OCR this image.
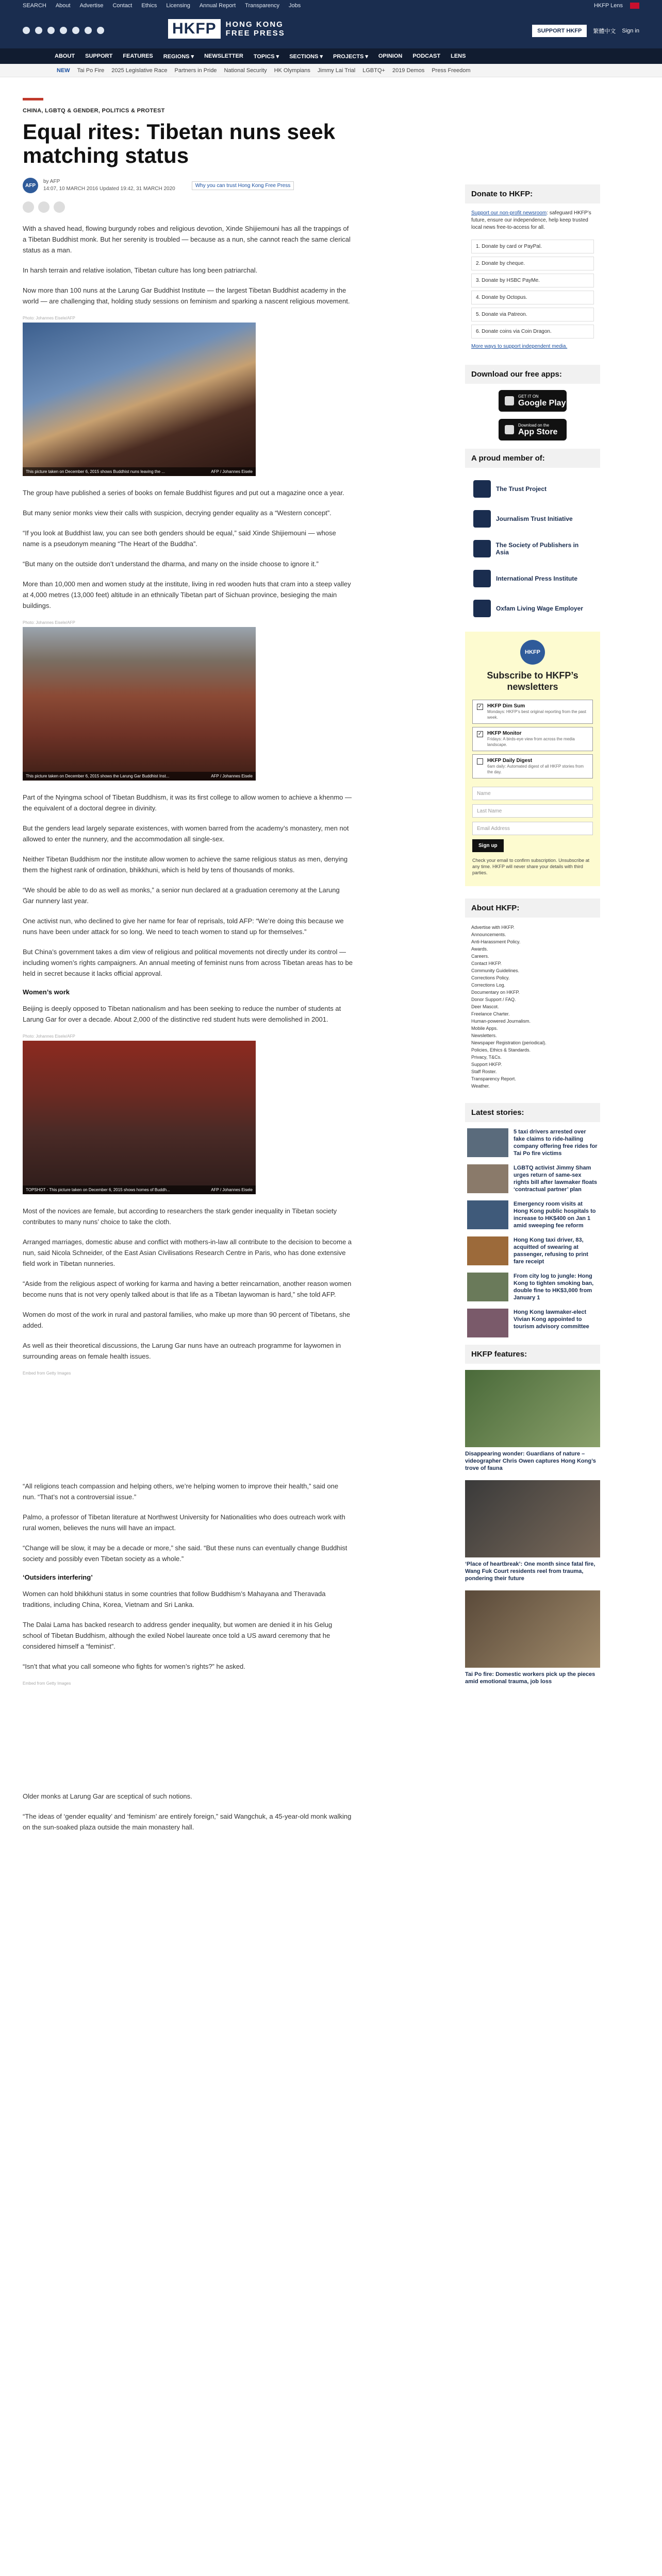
SEARCH About Advertise Contact Ethics Licensing Annual Report Transparency Jobs	HKFP Lens
HKFP	HONG KONG
FREE PRESS	SUPPORT HKFP	繁體中文 Sign in
ABOUT SUPPORT FEATURES REGIONS ▾ NEWSLETTER TOPICS ▾ SECTIONS ▾ PROJECTS ▾ OPINION PODCAST LENS
NEW Tai Po Fire 2025 Legislative Race Partners in Pride National Security HK Olympians Jimmy Lai Trial LGBTQ+ 2019 Demos Press Freedom
CHINA, LGBTQ & GENDER, POLITICS & PROTEST
Equal rites: Tibetan nuns seek matching status
AFP
by AFP
14:07, 10 MARCH 2016 Updated 19:42, 31 MARCH 2020
Why you can trust Hong Kong Free Press

With a shaved head, flowing burgundy robes and religious devotion, Xinde Shijiemouni has all the trappings of a Tibetan Buddhist monk. But her serenity is troubled — because as a nun, she cannot reach the same clerical status as a man.

In harsh terrain and relative isolation, Tibetan culture has long been patriarchal.

Now more than 100 nuns at the Larung Gar Buddhist Institute — the largest Tibetan Buddhist academy in the world — are challenging that, holding study sessions on feminism and sparking a nascent religious movement.

Photo: Johannes Eisele/AFP
This picture taken on December 6, 2015 shows Buddhist nuns leaving the ...	AFP / Johannes Eisele

The group have published a series of books on female Buddhist figures and put out a magazine once a year.

But many senior monks view their calls with suspicion, decrying gender equality as a “Western concept”.

“If you look at Buddhist law, you can see both genders should be equal,” said Xinde Shijiemouni — whose name is a pseudonym meaning “The Heart of the Buddha”.

“But many on the outside don’t understand the dharma, and many on the inside choose to ignore it.”

More than 10,000 men and women study at the institute, living in red wooden huts that cram into a steep valley at 4,000 metres (13,000 feet) altitude in an ethnically Tibetan part of Sichuan province, besieging the main buildings.

Photo: Johannes Eisele/AFP
This picture taken on December 6, 2015 shows the Larung Gar Buddhist Inst...	AFP / Johannes Eisele

Part of the Nyingma school of Tibetan Buddhism, it was its first college to allow women to achieve a khenmo — the equivalent of a doctoral degree in divinity.

But the genders lead largely separate existences, with women barred from the academy’s monastery, men not allowed to enter the nunnery, and the accommodation all single-sex.

Neither Tibetan Buddhism nor the institute allow women to achieve the same religious status as men, denying them the highest rank of ordination, bhikkhuni, which is held by tens of thousands of monks.

“We should be able to do as well as monks,” a senior nun declared at a graduation ceremony at the Larung Gar nunnery last year.

One activist nun, who declined to give her name for fear of reprisals, told AFP: “We’re doing this because we nuns have been under attack for so long. We need to teach women to stand up for themselves.”

But China’s government takes a dim view of religious and political movements not directly under its control — including women’s rights campaigners. An annual meeting of feminist nuns from across Tibetan areas has to be held in secret because it lacks official approval.

Women’s work

Beijing is deeply opposed to Tibetan nationalism and has been seeking to reduce the number of students at Larung Gar for over a decade. About 2,000 of the distinctive red student huts were demolished in 2001.

Photo: Johannes Eisele/AFP
TOPSHOT - This picture taken on December 6, 2015 shows homes of Buddh...	AFP / Johannes Eisele

Most of the novices are female, but according to researchers the stark gender inequality in Tibetan society contributes to many nuns’ choice to take the cloth.

Arranged marriages, domestic abuse and conflict with mothers-in-law all contribute to the decision to become a nun, said Nicola Schneider, of the East Asian Civilisations Research Centre in Paris, who has done extensive field work in Tibetan nunneries.

“Aside from the religious aspect of working for karma and having a better reincarnation, another reason women become nuns that is not very openly talked about is that life as a Tibetan laywoman is hard,” she told AFP.

Women do most of the work in rural and pastoral families, who make up more than 90 percent of Tibetans, she added.

As well as their theoretical discussions, the Larung Gar nuns have an outreach programme for laywomen in surrounding areas on female health issues.

Embed from Getty Images

“All religions teach compassion and helping others, we’re helping women to improve their health,” said one nun. “That’s not a controversial issue.”

Palmo, a professor of Tibetan literature at Northwest University for Nationalities who does outreach work with rural women, believes the nuns will have an impact.

“Change will be slow, it may be a decade or more,” she said. “But these nuns can eventually change Buddhist society and possibly even Tibetan society as a whole.”

‘Outsiders interfering’

Women can hold bhikkhuni status in some countries that follow Buddhism’s Mahayana and Theravada traditions, including China, Korea, Vietnam and Sri Lanka.

The Dalai Lama has backed research to address gender inequality, but women are denied it in his Gelug school of Tibetan Buddhism, although the exiled Nobel laureate once told a US award ceremony that he considered himself a “feminist”.

“Isn’t that what you call someone who fights for women’s rights?” he asked.

Embed from Getty Images

Older monks at Larung Gar are sceptical of such notions.

“The ideas of ‘gender equality’ and ‘feminism’ are entirely foreign,” said Wangchuk, a 45-year-old monk walking on the sun-soaked plaza outside the main monastery hall.

Donate to HKFP:
Support our non-profit newsroom: safeguard HKFP’s future, ensure our independence, help keep trusted local news free-to-access for all.
1. Donate by card or PayPal.
2. Donate by cheque.
3. Donate by HSBC PayMe.
4. Donate by Octopus.
5. Donate via Patreon.
6. Donate coins via Coin Dragon.
More ways to support independent media.
Download our free apps:
GET IT ON
Google Play
Download on the
App Store
A proud member of:
The Trust Project
Journalism Trust Initiative
The Society of Publishers in Asia
International Press Institute
Oxfam Living Wage Employer
HKFP
Subscribe to HKFP’s newsletters
✓ HKFP Dim Sum
Mondays: HKFP’s best original reporting from the past week.
✓ HKFP Monitor
Fridays: A birds-eye view from across the media landscape.
HKFP Daily Digest
6am daily: Automated digest of all HKFP stories from the day.
Name
Last Name
Email Address
Sign up
Check your email to confirm subscription. Unsubscribe at any time. HKFP will never share your details with third parties.
About HKFP:
Advertise with HKFP.
Announcements.
Anti-Harassment Policy.
Awards.
Careers.
Contact HKFP.
Community Guidelines.
Corrections Policy.
Corrections Log.
Documentary on HKFP.
Donor Support / FAQ.
Deer Mascot.
Freelance Charter.
Human-powered Journalism.
Mobile Apps.
Newsletters.
Newspaper Registration (periodical).
Policies, Ethics & Standards.
Privacy, T&Cs.
Support HKFP.
Staff Roster.
Transparency Report.
Weather.
Latest stories:
5 taxi drivers arrested over fake claims to ride-hailing company offering free rides for Tai Po fire victims
LGBTQ activist Jimmy Sham urges return of same-sex rights bill after lawmaker floats ‘contractual partner’ plan
Emergency room visits at Hong Kong public hospitals to increase to HK$400 on Jan 1 amid sweeping fee reform
Hong Kong taxi driver, 83, acquitted of swearing at passenger, refusing to print fare receipt
From city log to jungle: Hong Kong to tighten smoking ban, double fine to HK$3,000 from January 1
Hong Kong lawmaker-elect Vivian Kong appointed to tourism advisory committee
HKFP features:
Disappearing wonder: Guardians of nature – videographer Chris Owen captures Hong Kong’s trove of fauna
‘Place of heartbreak’: One month since fatal fire, Wang Fuk Court residents reel from trauma, pondering their future
Tai Po fire: Domestic workers pick up the pieces amid emotional trauma, job loss
